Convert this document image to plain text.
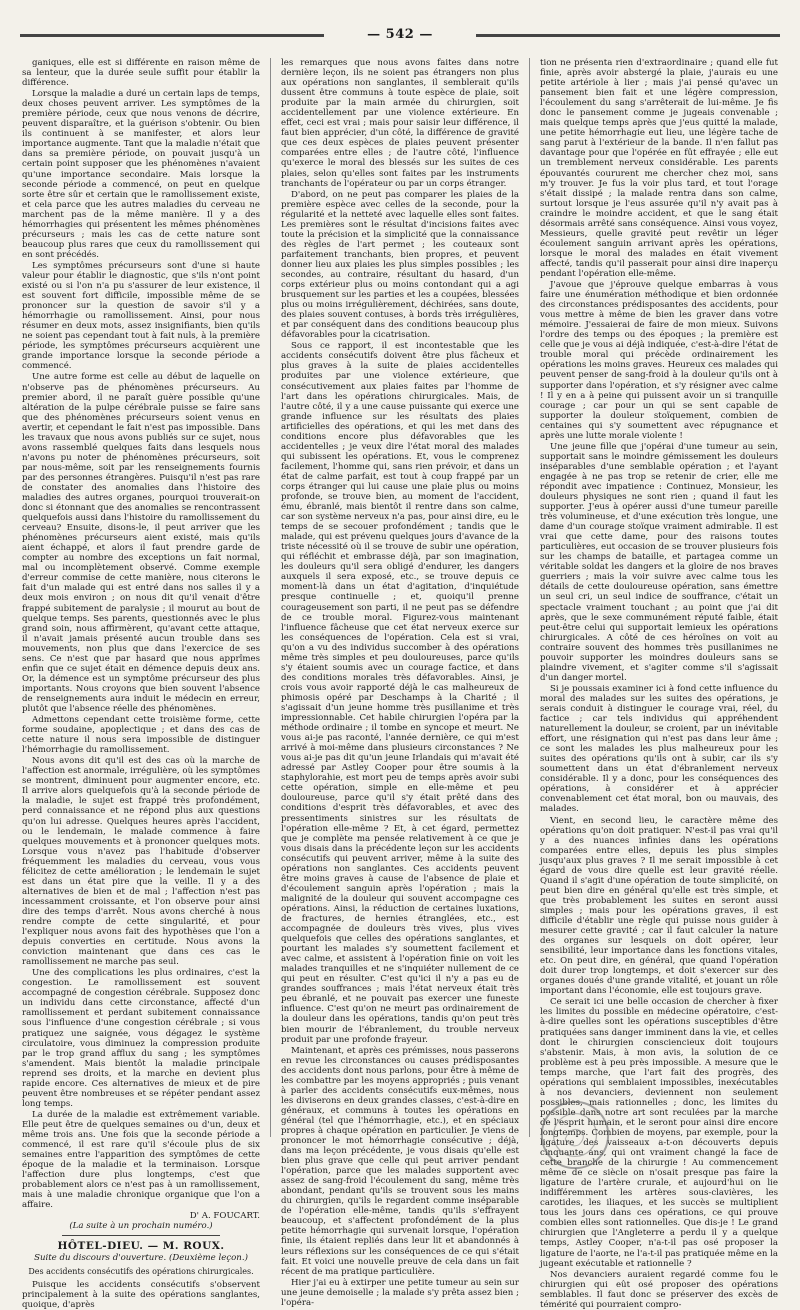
— 542 —

ganiques, elle est si différente en raison même de sa lenteur, que la durée seule suffit pour établir la différence.

Lorsque la maladie a duré un certain laps de temps, deux choses peuvent arriver. Les symptômes de la première période, ceux que nous venons de décrire, peuvent disparaître, et la guérison s'obtenir. Ou bien ils continuent à se manifester, et alors leur importance augmente. Tant que la maladie n'était que dans sa première période, on pouvait jusqu'à un certain point supposer que les phénomènes n'avaient qu'une importance secondaire. Mais lorsque la seconde période a commencé, on peut en quelque sorte être sûr et certain que le ramollissement existe, et cela parce que les autres maladies du cerveau ne marchent pas de la même manière. Il y a des hémorrhagies qui présentent les mêmes phénomènes précurseurs ; mais les cas de cette nature sont beaucoup plus rares que ceux du ramollissement qui en sont précédés.

Les symptômes précurseurs sont d'une si haute valeur pour établir le diagnostic, que s'ils n'ont point existé ou si l'on n'a pu s'assurer de leur existence, il est souvent fort difficile, impossible même de se prononcer sur la question de savoir s'il y a hémorrhagie ou ramollissement. Ainsi, pour nous résumer en deux mots, assez insignifiants, bien qu'ils ne soient pas cependant tout à fait nuls, à la première période, les symptômes précurseurs acquièrent une grande importance lorsque la seconde période a commencé.

Une autre forme est celle au début de laquelle on n'observe pas de phénomènes précurseurs. Au premier abord, il ne paraît guère possible qu'une altération de la pulpe cérébrale puisse se faire sans que des phénomènes précurseurs soient venus en avertir, et cependant le fait n'est pas impossible. Dans les travaux que nous avons publiés sur ce sujet, nous avons rassemblé quelques faits dans lesquels nous n'avons pu noter de phénomènes précurseurs, soit par nous-même, soit par les renseignements fournis par des personnes étrangères. Puisqu'il n'est pas rare de constater des anomalies dans l'histoire des maladies des autres organes, pourquoi trouverait-on donc si étonnant que des anomalies se rencontrassent quelquefois aussi dans l'histoire du ramollissement du cerveau? Ensuite, disons-le, il peut arriver que les phénomènes précurseurs aient existé, mais qu'ils aient échappé, et alors il faut prendre garde de compter au nombre des exceptions un fait normal, mal ou incomplètement observé. Comme exemple d'erreur commise de cette manière, nous citerons le fait d'un malade qui est entré dans nos salles il y a deux mois environ ; on nous dit qu'il venait d'être frappé subitement de paralysie ; il mourut au bout de quelque temps. Ses parents, questionnés avec le plus grand soin, nous affirmèrent, qu'avant cette attaque, il n'avait jamais présenté aucun trouble dans ses mouvements, non plus que dans l'exercice de ses sens. Ce n'est que par hasard que nous apprîmes enfin que ce sujet était en démence depuis deux ans. Or, la démence est un symptôme précurseur des plus importants. Nous croyons que bien souvent l'absence de renseignements aura induit le médecin en erreur, plutôt que l'absence réelle des phénomènes.

Admettons cependant cette troisième forme, cette forme soudaine, apoplectique ; et dans des cas de cette nature il nous sera impossible de distinguer l'hémorrhagie du ramollissement.

Nous avons dit qu'il est des cas où la marche de l'affection est anormale, irrégulière, où les symptômes se montrent, diminuent pour augmenter encore, etc. Il arrive alors quelquefois qu'à la seconde période de la maladie, le sujet est frappé très profondément, perd connaissance et ne répond plus aux questions qu'on lui adresse. Quelques heures après l'accident, ou le lendemain, le malade commence à faire quelques mouvements et à prononcer quelques mots. Lorsque vous n'avez pas l'habitude d'observer fréquemment les maladies du cerveau, vous vous félicitez de cette amélioration ; le lendemain le sujet est dans un état pire que la veille. Il y a des alternatives de bien et de mal ; l'affection n'est pas incessamment croissante, et l'on observe pour ainsi dire des temps d'arrêt. Nous avons cherché à nous rendre compte de cette singularité, et pour l'expliquer nous avons fait des hypothèses que l'on a depuis converties en certitude. Nous avons la conviction maintenant que dans ces cas le ramollissement ne marche pas seul.

Une des complications les plus ordinaires, c'est la congestion. Le ramollissement est souvent accompagné de congestion cérébrale. Supposez donc un individu dans cette circonstance, affecté d'un ramollissement et perdant subitement connaissance sous l'influence d'une congestion cérébrale ; si vous pratiquez une saignée, vous dégagez le système circulatoire, vous diminuez la compression produite par le trop grand afflux du sang ; les symptômes s'amendent. Mais bientôt la maladie principale reprend ses droits, et la marche en devient plus rapide encore. Ces alternatives de mieux et de pire peuvent être nombreuses et se répéter pendant assez long temps.

La durée de la maladie est extrêmement variable. Elle peut être de quelques semaines ou d'un, deux et même trois ans. Une fois que la seconde période a commencé, il est rare qu'il s'écoule plus de six semaines entre l'apparition des symptômes de cette époque de la maladie et la terminaison. Lorsque l'affection dure plus longtemps, c'est que probablement alors ce n'est pas à un ramollissement, mais à une maladie chronique organique que l'on a affaire.

D' A. FOUCART.
(La suite à un prochain numéro.)
HÔTEL-DIEU. — M. ROUX.
Suite du discours d'ouverture. (Deuxième leçon.)
Des accidents consécutifs des opérations chirurgicales.

Puisque les accidents consécutifs s'observent principalement à la suite des opérations sanglantes, quoique, d'après

les remarques que nous avons faites dans notre dernière leçon, ils ne soient pas étrangers non plus aux opérations non sanglantes, il semblerait qu'ils dussent être communs à toute espèce de plaie, soit produite par la main armée du chirurgien, soit accidentellement par une violence extérieure. En effet, ceci est vrai ; mais pour saisir leur différence, il faut bien apprécier, d'un côté, la différence de gravité que ces deux espèces de plaies peuvent présenter comparées entre elles ; de l'autre côté, l'influence qu'exerce le moral des blessés sur les suites de ces plaies, selon qu'elles sont faites par les instruments tranchants de l'opérateur ou par un corps étranger.

D'abord, on ne peut pas comparer les plaies de la première espèce avec celles de la seconde, pour la régularité et la netteté avec laquelle elles sont faites. Les premières sont le résultat d'incisions faites avec toute la précision et la simplicité que la connaissance des règles de l'art permet ; les couteaux sont parfaitement tranchants, bien propres, et peuvent donner lieu aux plaies les plus simples possibles ; les secondes, au contraire, résultant du hasard, d'un corps extérieur plus ou moins contondant qui a agi brusquement sur les parties et les a coupées, blessées plus ou moins irrégulièrement, déchirées, sans doute, des plaies souvent contuses, à bords très irrégulières, et par conséquent dans des conditions beaucoup plus défavorables pour la cicatrisation.

Sous ce rapport, il est incontestable que les accidents consécutifs doivent être plus fâcheux et plus graves à la suite de plaies accidentelles produites par une violence extérieure, que consécutivement aux plaies faites par l'homme de l'art dans les opérations chirurgicales. Mais, de l'autre côté, il y a une cause puissante qui exerce une grande influence sur les résultats des plaies artificielles des opérations, et qui les met dans des conditions encore plus défavorables que les accidentelles ; je veux dire l'état moral des malades qui subissent les opérations. Et, vous le comprenez facilement, l'homme qui, sans rien prévoir, et dans un état de calme parfait, est tout à coup frappé par un corps étranger qui lui cause une plaie plus ou moins profonde, se trouve bien, au moment de l'accident, ému, ébranlé, mais bientôt il rentre dans son calme, car son système nerveux n'a pas, pour ainsi dire, eu le temps de se secouer profondément ; tandis que le malade, qui est prévenu quelques jours d'avance de la triste nécessité où il se trouve de subir une opération, qui réfléchit et embrasse déjà, par son imagination, les douleurs qu'il sera obligé d'endurer, les dangers auxquels il sera exposé, etc., se trouve depuis ce moment-là dans un état d'agitation, d'inquiétude presque continuelle ; et, quoiqu'il prenne courageusement son parti, il ne peut pas se défendre de ce trouble moral. Figurez-vous maintenant l'influence fâcheuse que cet état nerveux exerce sur les conséquences de l'opération. Cela est si vrai, qu'on a vu des individus succomber à des opérations même très simples et peu douloureuses, parce qu'ils s'y étaient soumis avec un courage factice, et dans des conditions morales très défavorables. Ainsi, je crois vous avoir rapporté déjà le cas malheureux de phimosis opéré par Deschamps à la Charité ; il s'agissait d'un jeune homme très pusillanime et très impressionnable. Cet habile chirurgien l'opéra par la méthode ordinaire ; il tombe en syncope et meurt. Ne vous ai-je pas raconté, l'année dernière, ce qui m'est arrivé à moi-même dans plusieurs circonstances ? Ne vous ai-je pas dit qu'un jeune Irlandais qui m'avait été adressé par Astley Cooper pour être soumis à la staphylorahie, est mort peu de temps après avoir subi cette opération, simple en elle-même et peu douloureuse, parce qu'il s'y était prêté dans des conditions d'esprit très défavorables, et avec des pressentiments sinistres sur les résultats de l'opération elle-même ? Et, à cet égard, permettez que je complète ma pensée relativement à ce que je vous disais dans la précédente leçon sur les accidents consécutifs qui peuvent arriver, même à la suite des opérations non sanglantes. Ces accidents peuvent être moins graves à cause de l'absence de plaie et d'écoulement sanguin après l'opération ; mais la malignité de la douleur qui souvent accompagne ces opérations. Ainsi, la réduction de certaines luxations, de fractures, de hernies étranglées, etc., est accompagnée de douleurs très vives, plus vives quelquefois que celles des opérations sanglantes, et pourtant les malades s'y soumettent facilement et avec calme, et assistent à l'opération finie on voit les malades tranquilles et ne s'inquiéter nullement de ce qui peut en résulter. C'est qu'ici il n'y a pas eu de grandes souffrances ; mais l'état nerveux était très peu ébranlé, et ne pouvait pas exercer une funeste influence. C'est qu'on ne meurt pas ordinairement de la douleur dans les opérations, tandis qu'on peut très bien mourir de l'ébranlement, du trouble nerveux produit par une profonde frayeur.

Maintenant, et après ces prémisses, nous passerons en revue les circonstances ou causes prédisposantes des accidents dont nous parlons, pour être à même de les combattre par les moyens appropriés ; puis venant à parler des accidents consécutifs eux-mêmes, nous les diviserons en deux grandes classes, c'est-à-dire en généraux, et communs à toutes les opérations en général (tel que l'hémorrhagie, etc.), et en spéciaux propres à chaque opération en particulier. Je viens de prononcer le mot hémorrhagie consécutive ; déjà, dans ma leçon précédente, je vous disais qu'elle est bien plus grave que celle qui peut arriver pendant l'opération, parce que les malades supportent avec assez de sang-froid l'écoulement du sang, même très abondant, pendant qu'ils se trouvent sous les mains du chirurgien, qu'ils le regardent comme inséparable de l'opération elle-même, tandis qu'ils s'effrayent beaucoup, et s'affectent profondément de la plus petite hémorrhagie qui survenait lorsque, l'opération finie, ils étaient repliés dans leur lit et abandonnés à leurs réflexions sur les conséquences de ce qui s'était fait. Et voici une nouvelle preuve de cela dans un fait récent de ma pratique particulière.

Hier j'ai eu à extirper une petite tumeur au sein sur une jeune demoiselle ; la malade s'y prêta assez bien ; l'opéra-

tion ne présenta rien d'extraordinaire ; quand elle fut finie, après avoir abstergé la plaie, j'aurais eu une petite artériole à lier ; mais j'ai pensé qu'avec un pansement bien fait et une légère compression, l'écoulement du sang s'arrêterait de lui-même. Je fis donc le pansement comme je jugeais convenable ; mais quelque temps après que j'eus quitté la malade, une petite hémorrhagie eut lieu, une légère tache de sang parut à l'extérieur de la bande. Il n'en fallut pas davantage pour que l'opérée en fût effrayée ; elle eut un tremblement nerveux considérable. Les parents épouvantés coururent me chercher chez moi, sans m'y trouver. Je fus la voir plus tard, et tout l'orage s'était dissipé ; la malade rentra dans son calme, surtout lorsque je l'eus assurée qu'il n'y avait pas à craindre le moindre accident, et que le sang était désormais arrêté sans conséquence. Ainsi vous voyez, Messieurs, quelle gravité peut revêtir un léger écoulement sanguin arrivant après les opérations, lorsque le moral des malades en était vivement affecté, tandis qu'il passerait pour ainsi dire inaperçu pendant l'opération elle-même.

J'avoue que j'éprouve quelque embarras à vous faire une énumération méthodique et bien ordonnée des circonstances prédisposantes des accidents, pour vous mettre à même de bien les graver dans votre mémoire. J'essaierai de faire de mon mieux. Suivons l'ordre des temps ou des époques ; la première est celle que je vous ai déjà indiquée, c'est-à-dire l'état de trouble moral qui précède ordinairement les opérations les moins graves. Heureux ces malades qui peuvent penser de sang-froid à la douleur qu'ils ont à supporter dans l'opération, et s'y résigner avec calme ! Il y en a à peine qui puissent avoir un si tranquille courage ; car pour un qui se sent capable de supporter la douleur stoïquement, combien de centaines qui s'y soumettent avec répugnance et après une lutte morale violente !

Une jeune fille que j'opérai d'une tumeur au sein, supportait sans le moindre gémissement les douleurs inséparables d'une semblable opération ; et l'ayant engagée à ne pas trop se retenir de crier, elle me répondit avec impatience : Continuez, Monsieur, les douleurs physiques ne sont rien ; quand il faut les supporter. J'eus à opérer aussi d'une tumeur pareille très volumineuse, et d'une exécution très longue, une dame d'un courage stoïque vraiment admirable. Il est vrai que cette dame, pour des raisons toutes particulières, eut occasion de se trouver plusieurs fois sur les champs de bataille, et partagea comme un véritable soldat les dangers et la gloire de nos braves guerriers ; mais la voir suivre avec calme tous les détails de cette douloureuse opération, sans émettre un seul cri, un seul indice de souffrance, c'était un spectacle vraiment touchant ; au point que j'ai dit après, que le sexe communément réputé faible, était peut-être celui qui supportait lemieux les opérations chirurgicales. A côté de ces héroïnes on voit au contraire souvent des hommes très pusillanimes ne pouvoir supporter les moindres douleurs sans se plaindre vivement, et s'agiter comme s'il s'agissait d'un danger mortel.

Si je poussais examiner ici à fond cette influence du moral des malades sur les suites des opérations, je serais conduit à distinguer le courage vrai, réel, du factice ; car tels individus qui appréhendent naturellement la douleur, se croient, par un inévitable effort, une résignation qui n'est pas dans leur âme ; ce sont les malades les plus malheureux pour les suites des opérations qu'ils ont à subir, car ils s'y soumettent dans un état d'ébranlement nerveux considérable. Il y a donc, pour les conséquences des opérations, à considérer et à apprécier convenablement cet état moral, bon ou mauvais, des malades.

Vient, en second lieu, le caractère même des opérations qu'on doit pratiquer. N'est-il pas vrai qu'il y a des nuances infinies dans les opérations comparées entre elles, depuis les plus simples jusqu'aux plus graves ? Il me serait impossible à cet égard de vous dire quelle est leur gravité réelle. Quand il s'agit d'une opération de toute simplicité, on peut bien dire en général qu'elle est très simple, et que très probablement les suites en seront aussi simples ; mais pour les opérations graves, il est difficile d'établir une règle qui puisse nous guider à mesurer cette gravité ; car il faut calculer la nature des organes sur lesquels on doit opérer, leur sensibilité, leur importance dans les fonctions vitales, etc. On peut dire, en général, que quand l'opération doit durer trop longtemps, et doit s'exercer sur des organes doués d'une grande vitalité, et jouant un rôle important dans l'économie, elle est toujours grave.

Ce serait ici une belle occasion de chercher à fixer les limites du possible en médecine opératoire, c'est-à-dire quelles sont les opérations susceptibles d'être pratiquées sans danger imminent dans la vie, et celles dont le chirurgien consciencieux doit toujours s'abstenir. Mais, à mon avis, la solution de ce problème est à peu près impossible. A mesure que le temps marche, que l'art fait des progrès, des opérations qui semblaient impossibles, inexécutables à nos devanciers, deviennent non seulement possibles, mais rationnelles ; donc, les limites du possible dans notre art sont reculées par la marche de l'esprit humain, et le seront pour ainsi dire encore longtemps. Combien de moyens, par exemple, pour la ligature des vaisseaux a-t-on découverts depuis cinquante ans, qui ont vraiment changé la face de cette branche de la chirurgie ! Au commencement même de ce siècle on n'osait presque pas faire la ligature de l'artère crurale, et aujourd'hui on lie indifféremment les artères sous-clavières, les carotides, les iliaques, et les succès se multiplient tous les jours dans ces opérations, ce qui prouve combien elles sont rationnelles. Que dis-je ! Le grand chirurgien que l'Angleterre a perdu il y a quelque temps, Astley Cooper, n'a-t-il pas osé proposer la ligature de l'aorte, ne l'a-t-il pas pratiquée même en la jugeant exécutable et rationnelle ?

Nos devanciers auraient regardé comme fou le chirurgien qui eût osé proposer des opérations semblables. Il faut donc se préserver des excès de témérité qui pourraient compro-
